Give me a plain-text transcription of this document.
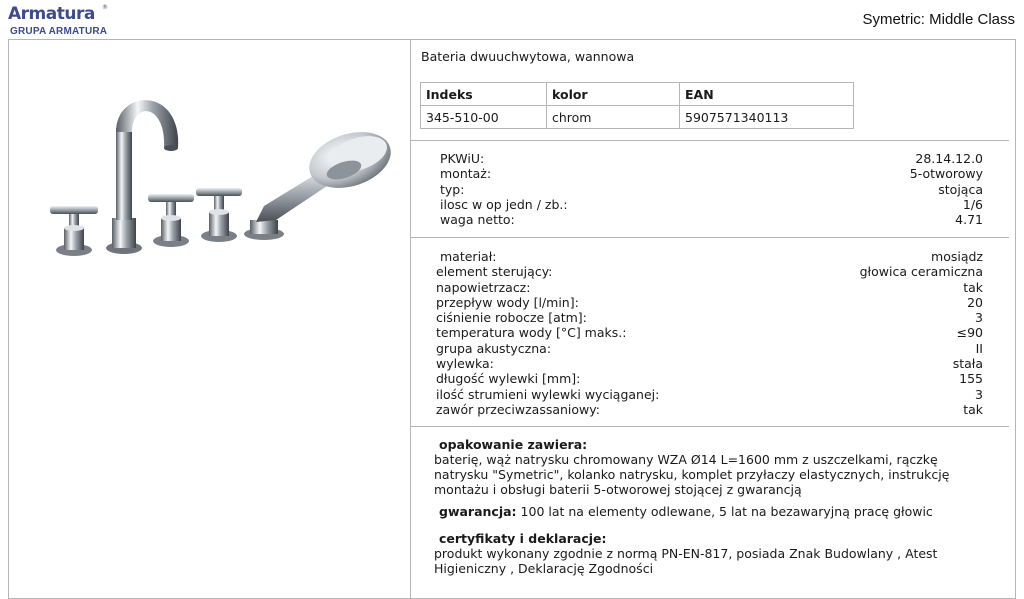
Armatura ®
GRUPA ARMATURA
Symetric: Middle Class
Bateria dwuuchwytowa, wannowa
Indeks	kolor	EAN
345-510-00	chrom	5907571340113
PKWiU:	28.14.12.0
montaż:	5-otworowy
typ:	stojąca
ilosc w op jedn / zb.:	1/6
waga netto:	4.71
materiał:	mosiądz
element sterujący:	głowica ceramiczna
napowietrzacz:	tak
przepływ wody [l/min]:	20
ciśnienie robocze [atm]:	3
temperatura wody [°C] maks.:	≤90
grupa akustyczna:	II
wylewka:	stała
długość wylewki [mm]:	155
ilość strumieni wylewki wyciąganej:	3
zawór przeciwzassaniowy:	tak
opakowanie zawiera:
baterię, wąż natrysku chromowany WZA Ø14 L=1600 mm z uszczelkami, rączkę natrysku "Symetric", kolanko natrysku, komplet przyłaczy elastycznych, instrukcję montażu i obsługi baterii 5-otworowej stojącej z gwarancją
gwarancja: 100 lat na elementy odlewane, 5 lat na bezawaryjną pracę głowic
certyfikaty i deklaracje:
produkt wykonany zgodnie z normą PN-EN-817, posiada Znak Budowlany , Atest Higieniczny , Deklarację Zgodności
